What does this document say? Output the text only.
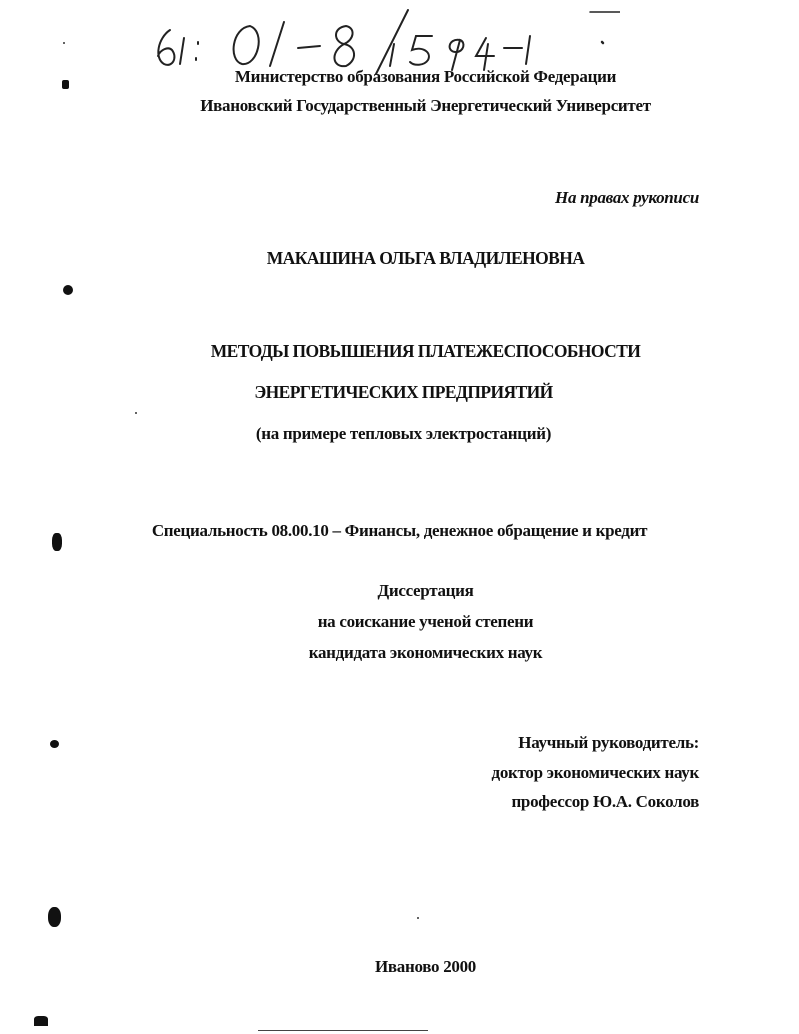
Министерство образования Российской Федерации
Ивановский Государственный Энергетический Университет
На правах рукописи
МАКАШИНА ОЛЬГА ВЛАДИЛЕНОВНА
МЕТОДЫ ПОВЫШЕНИЯ ПЛАТЕЖЕСПОСОБНОСТИ
ЭНЕРГЕТИЧЕСКИХ ПРЕДПРИЯТИЙ
(на примере тепловых электростанций)
Специальность 08.00.10 – Финансы, денежное обращение и кредит
Диссертация
на соискание ученой степени
кандидата экономических наук
Научный руководитель:
доктор экономических наук
профессор Ю.А. Соколов
Иваново 2000
